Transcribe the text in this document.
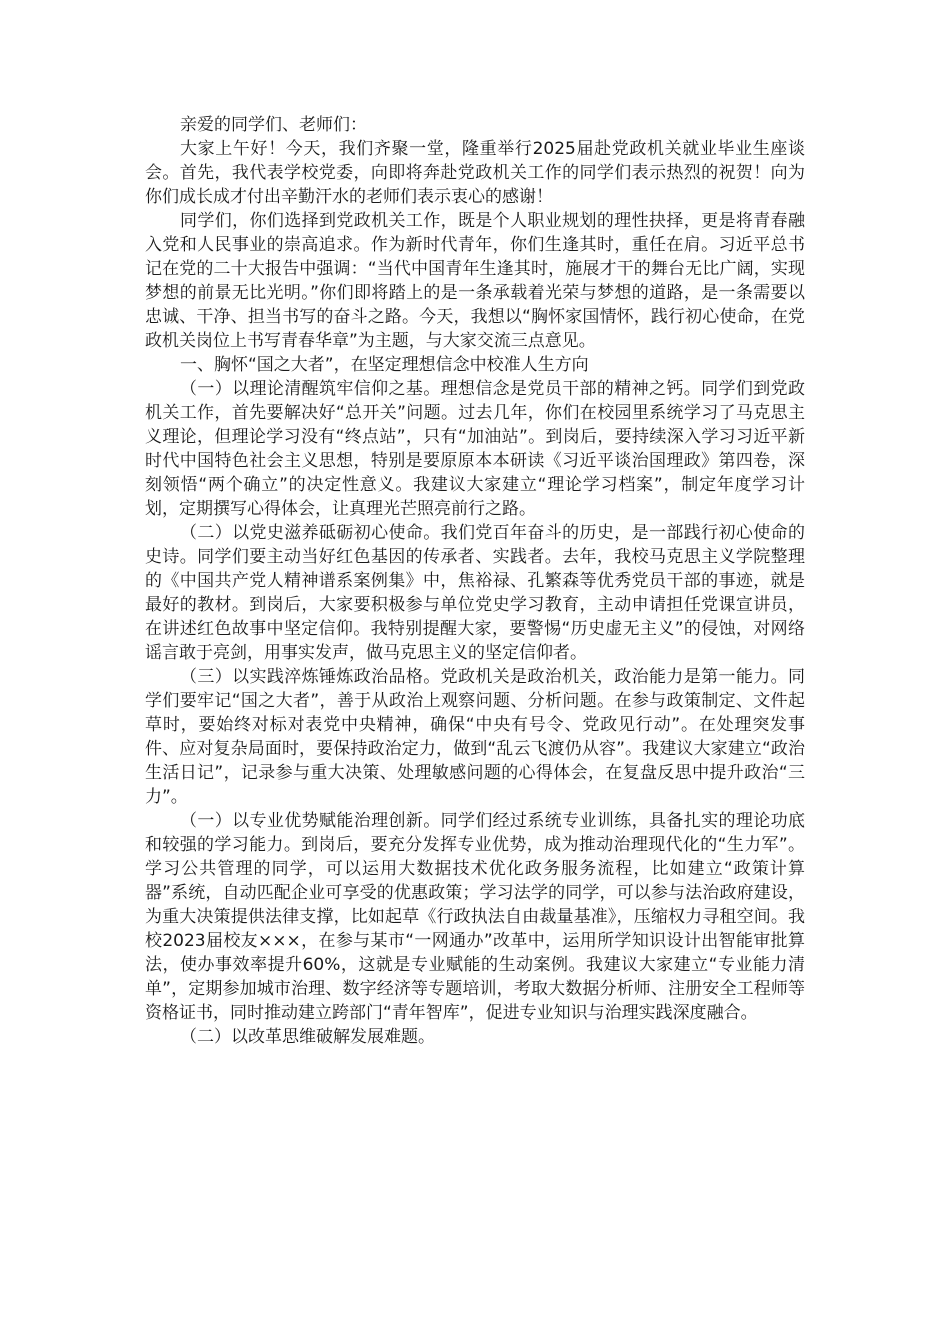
亲爱的同学们、老师们：

大家上午好！今天，我们齐聚一堂，隆重举行2025届赴党政机关就业毕业生座谈会。首先，我代表学校党委，向即将奔赴党政机关工作的同学们表示热烈的祝贺！向为你们成长成才付出辛勤汗水的老师们表示衷心的感谢！

同学们，你们选择到党政机关工作，既是个人职业规划的理性抉择，更是将青春融入党和人民事业的崇高追求。作为新时代青年，你们生逢其时，重任在肩。习近平总书记在党的二十大报告中强调：“当代中国青年生逢其时，施展才干的舞台无比广阔，实现梦想的前景无比光明。”你们即将踏上的是一条承载着光荣与梦想的道路，是一条需要以忠诚、干净、担当书写的奋斗之路。今天，我想以“胸怀家国情怀，践行初心使命，在党政机关岗位上书写青春华章”为主题，与大家交流三点意见。

一、胸怀“国之大者”，在坚定理想信念中校准人生方向

（一）以理论清醒筑牢信仰之基。理想信念是党员干部的精神之钙。同学们到党政机关工作，首先要解决好“总开关”问题。过去几年，你们在校园里系统学习了马克思主义理论，但理论学习没有“终点站”，只有“加油站”。到岗后，要持续深入学习习近平新时代中国特色社会主义思想，特别是要原原本本研读《习近平谈治国理政》第四卷，深刻领悟“两个确立”的决定性意义。我建议大家建立“理论学习档案”，制定年度学习计划，定期撰写心得体会，让真理光芒照亮前行之路。

（二）以党史滋养砥砺初心使命。我们党百年奋斗的历史，是一部践行初心使命的史诗。同学们要主动当好红色基因的传承者、实践者。去年，我校马克思主义学院整理的《中国共产党人精神谱系案例集》中，焦裕禄、孔繁森等优秀党员干部的事迹，就是最好的教材。到岗后，大家要积极参与单位党史学习教育，主动申请担任党课宣讲员，在讲述红色故事中坚定信仰。我特别提醒大家，要警惕“历史虚无主义”的侵蚀，对网络谣言敢于亮剑，用事实发声，做马克思主义的坚定信仰者。

（三）以实践淬炼锤炼政治品格。党政机关是政治机关，政治能力是第一能力。同学们要牢记“国之大者”，善于从政治上观察问题、分析问题。在参与政策制定、文件起草时，要始终对标对表党中央精神，确保“中央有号令、党政见行动”。在处理突发事件、应对复杂局面时，要保持政治定力，做到“乱云飞渡仍从容”。我建议大家建立“政治生活日记”，记录参与重大决策、处理敏感问题的心得体会，在复盘反思中提升政治“三力”。

（一）以专业优势赋能治理创新。同学们经过系统专业训练，具备扎实的理论功底和较强的学习能力。到岗后，要充分发挥专业优势，成为推动治理现代化的“生力军”。学习公共管理的同学，可以运用大数据技术优化政务服务流程，比如建立“政策计算器”系统，自动匹配企业可享受的优惠政策；学习法学的同学，可以参与法治政府建设，为重大决策提供法律支撑，比如起草《行政执法自由裁量基准》，压缩权力寻租空间。我校2023届校友×××，在参与某市“一网通办”改革中，运用所学知识设计出智能审批算法，使办事效率提升60%，这就是专业赋能的生动案例。我建议大家建立“专业能力清单”，定期参加城市治理、数字经济等专题培训，考取大数据分析师、注册安全工程师等资格证书，同时推动建立跨部门“青年智库”，促进专业知识与治理实践深度融合。

（二）以改革思维破解发展难题。
